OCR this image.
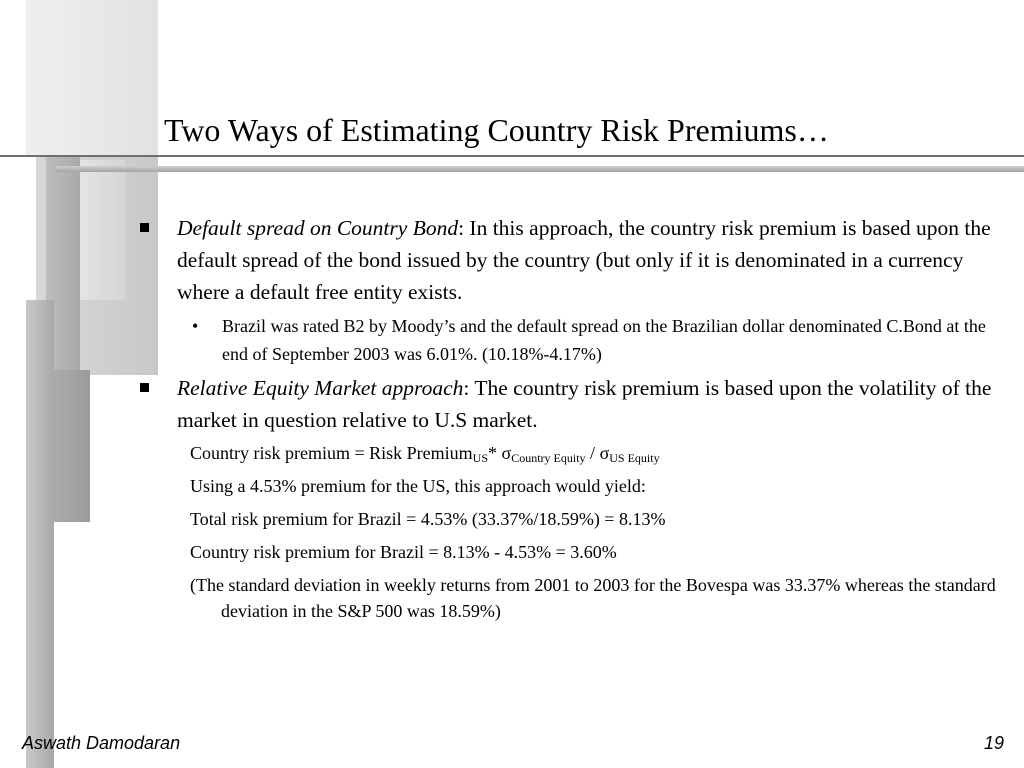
Two Ways of Estimating Country Risk Premiums…
Default spread on Country Bond: In this approach, the country risk premium is based upon the default spread of the bond issued by the country (but only if it is denominated in a currency where a default free entity exists.
• Brazil was rated B2 by Moody’s and the default spread on the Brazilian dollar denominated C.Bond at the end of September 2003 was 6.01%. (10.18%-4.17%)
Relative Equity Market approach: The country risk premium is based upon the volatility of the market in question relative to U.S market.
Country risk premium = Risk Premium$_{US}$* $\sigma_{Country Equity} / \sigma_{US Equity}$
Using a 4.53% premium for the US, this approach would yield:
Total risk premium for Brazil = 4.53% (33.37%/18.59%) = 8.13%
Country risk premium for Brazil = 8.13% - 4.53% = 3.60%
(The standard deviation in weekly returns from 2001 to 2003 for the Bovespa was 33.37% whereas the standard deviation in the S&P 500 was 18.59%)
Aswath Damodaran	19
